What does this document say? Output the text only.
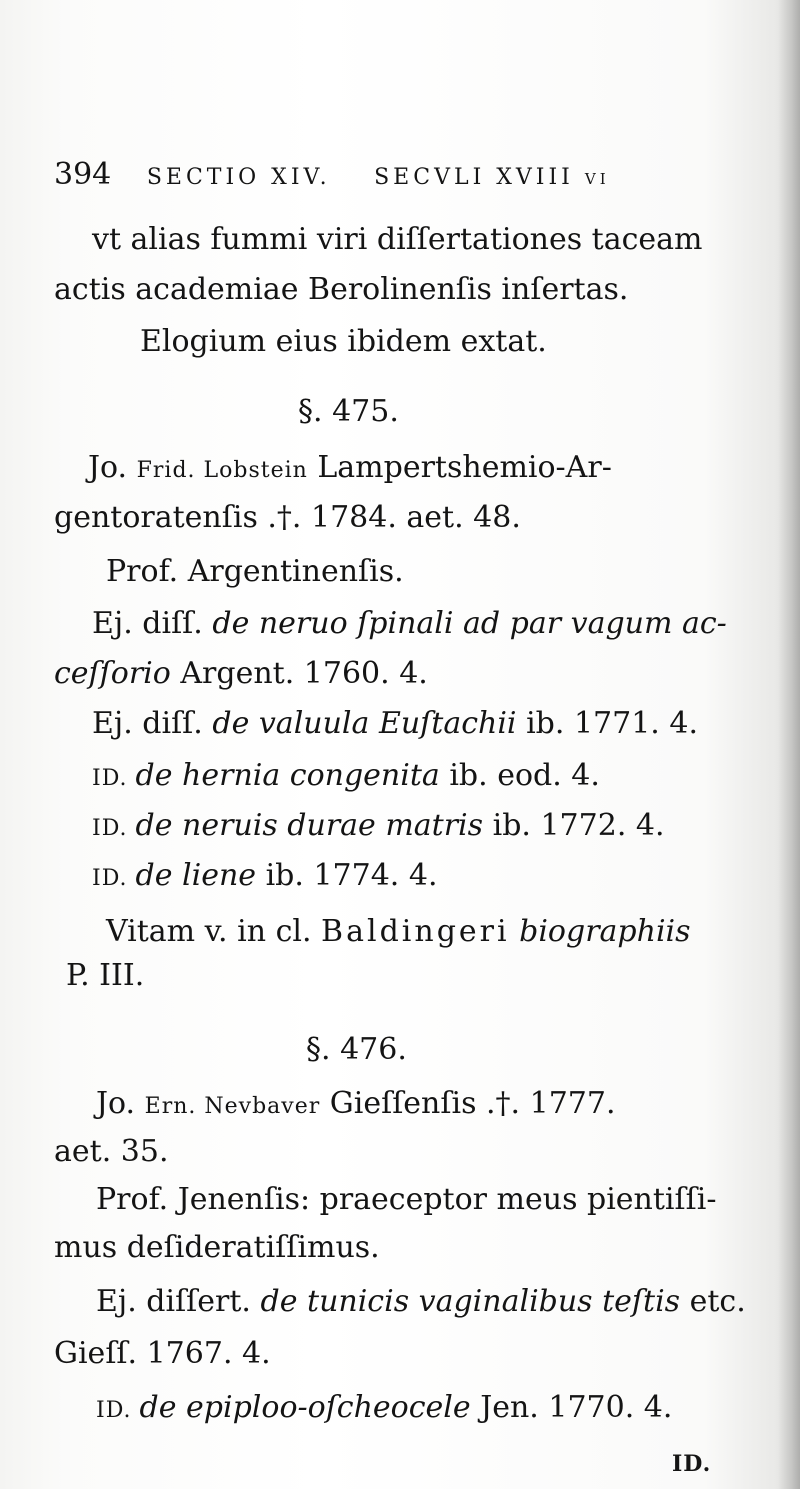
394 SECTIO XIV. SECVLI XVIII vi
vt alias fummi viri diſſertationes taceam
actis academiae Berolinenſis inſertas.
Elogium eius ibidem extat.
§. 475.
Jo. Frid. Lobstein Lampertshemio-Ar-
gentoratenſis .†. 1784. aet. 48.
Prof. Argentinenſis.
Ej. diſſ. de neruo ſpinali ad par vagum ac-
ceſſorio Argent. 1760. 4.
Ej. diſſ. de valuula Euſtachii ib. 1771. 4.
ID. de hernia congenita ib. eod. 4.
ID. de neruis durae matris ib. 1772. 4.
ID. de liene ib. 1774. 4.
Vitam v. in cl. Baldingeri biographiis
P. III.
§. 476.
Jo. Ern. Nevbaver Gieſſenſis .†. 1777.
aet. 35.
Prof. Jenenſis: praeceptor meus pientiſſi-
mus deſideratiſſimus.
Ej. diſſert. de tunicis vaginalibus teſtis etc.
Gieſſ. 1767. 4.
ID. de epiploo-oſcheocele Jen. 1770. 4.
ID.
